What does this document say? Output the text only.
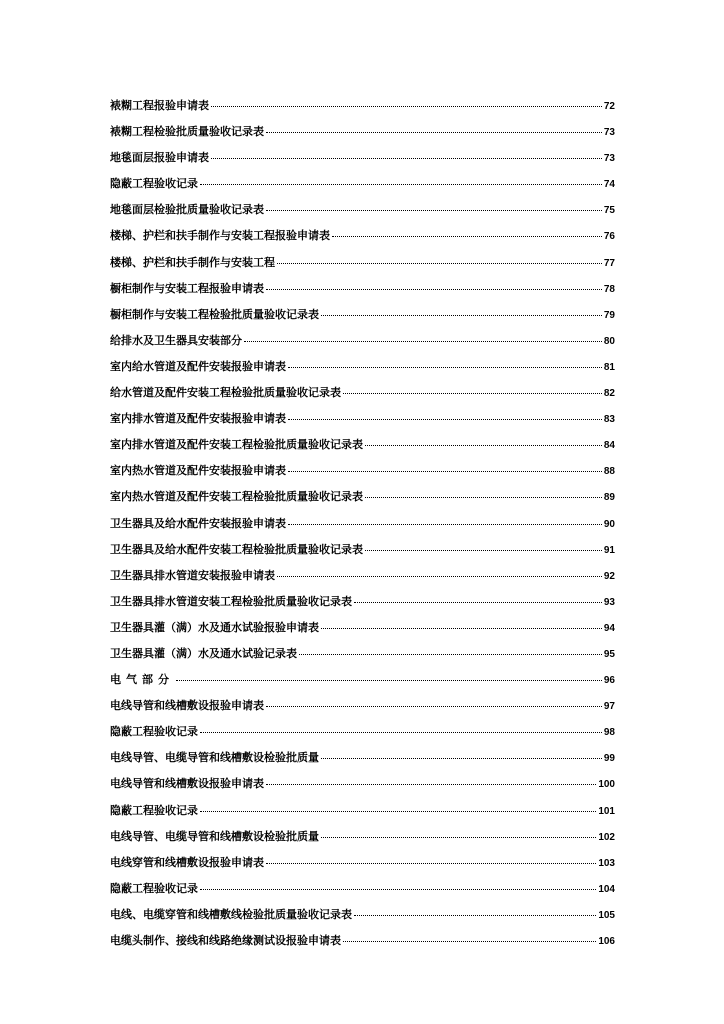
裱糊工程报验申请表	72
裱糊工程检验批质量验收记录表	73
地毯面层报验申请表	73
隐蔽工程验收记录	74
地毯面层检验批质量验收记录表	75
楼梯、护栏和扶手制作与安装工程报验申请表	76
楼梯、护栏和扶手制作与安装工程	77
橱柜制作与安装工程报验申请表	78
橱柜制作与安装工程检验批质量验收记录表	79
给排水及卫生器具安装部分	80
室内给水管道及配件安装报验申请表	81
给水管道及配件安装工程检验批质量验收记录表	82
室内排水管道及配件安装报验申请表	83
室内排水管道及配件安装工程检验批质量验收记录表	84
室内热水管道及配件安装报验申请表	88
室内热水管道及配件安装工程检验批质量验收记录表	89
卫生器具及给水配件安装报验申请表	90
卫生器具及给水配件安装工程检验批质量验收记录表	91
卫生器具排水管道安装报验申请表	92
卫生器具排水管道安装工程检验批质量验收记录表	93
卫生器具灌（满）水及通水试验报验申请表	94
卫生器具灌（满）水及通水试验记录表	95
电气部分	96
电线导管和线槽敷设报验申请表	97
隐蔽工程验收记录	98
电线导管、电缆导管和线槽敷设检验批质量	99
电线导管和线槽敷设报验申请表	100
隐蔽工程验收记录	101
电线导管、电缆导管和线槽敷设检验批质量	102
电线穿管和线槽敷设报验申请表	103
隐蔽工程验收记录	104
电线、电缆穿管和线槽敷线检验批质量验收记录表	105
电缆头制作、接线和线路绝缘测试设报验申请表	106
